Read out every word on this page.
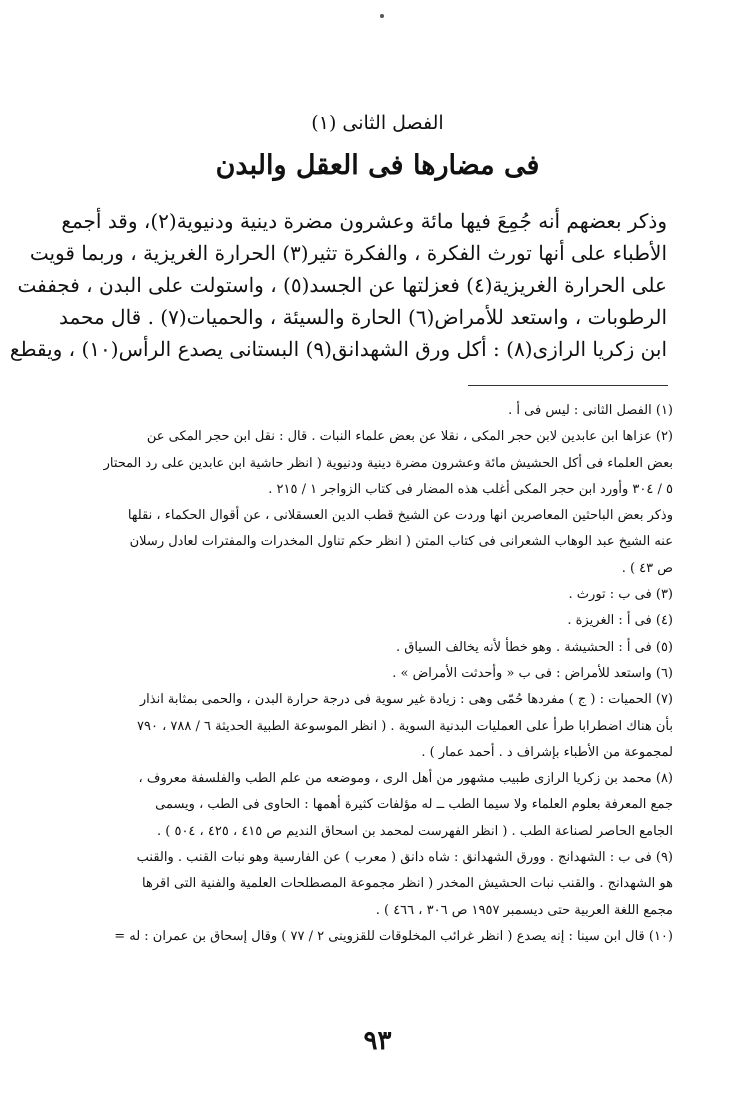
الفصل الثانى (١)
فى مضارها فى العقل والبدن
وذكر بعضهم أنه جُمِعَ فيها مائة وعشرون مضرة دينية ودنيوية(٢)، وقد أجمع
الأطباء على أنها تورث الفكرة ، والفكرة تثير(٣) الحرارة الغريزية ، وربما قويت
على الحرارة الغريزية(٤) فعزلتها عن الجسد(٥) ، واستولت على البدن ، فجففت
الرطوبات ، واستعد للأمراض(٦) الحارة والسيئة ، والحميات(٧) . قال محمد
ابن زكريا الرازى(٨) : أكل ورق الشهدانق(٩) البستانى يصدع الرأس(١٠) ، ويقطع
(١) الفصل الثانى : ليس فى أ .
(٢) عزاها ابن عابدين لابن حجر المكى ، نقلا عن بعض علماء النبات . قال : نقل ابن حجر المكى عن
بعض العلماء فى أكل الحشيش مائة وعشرون مضرة دينية ودنيوية ( انظر حاشية ابن عابدين على رد المحتار
٥ / ٣٠٤ وأورد ابن حجر المكى أغلب هذه المضار فى كتاب الزواجر ١ / ٢١٥ .
وذكر بعض الباحثين المعاصرين انها وردت عن الشيخ قطب الدين العسقلانى ، عن أقوال الحكماء ، نقلها
عنه الشيخ عبد الوهاب الشعرانى فى كتاب المتن ( انظر حكم تناول المخدرات والمفترات لعادل رسلان
ص ٤٣ ) .
(٣) فى ب : تورث .
(٤) فى أ : الغريزة .
(٥) فى أ : الحشيشة . وهو خطأ لأنه يخالف السياق .
(٦) واستعد للأمراض : فى ب « وأحدثت الأمراض » .
(٧) الحميات : ( ج ) مفردها حُمّى وهى : زيادة غير سوية فى درجة حرارة البدن ، والحمى بمثابة انذار
بأن هناك اضطرابا طرأ على العمليات البدنية السوية . ( انظر الموسوعة الطبية الحديثة ٦ / ٧٨٨ ، ٧٩٠
لمجموعة من الأطباء بإشراف د . أحمد عمار ) .
(٨) محمد بن زكريا الرازى طبيب مشهور من أهل الرى ، وموضعه من علم الطب والفلسفة معروف ،
جمع المعرفة بعلوم العلماء ولا سيما الطب ــ له مؤلفات كثيرة أهمها : الحاوى فى الطب ، ويسمى
الجامع الحاصر لصناعة الطب . ( انظر الفهرست لمحمد بن اسحاق النديم ص ٤١٥ ، ٤٢٥ ، ٥٠٤ ) .
(٩) فى ب : الشهدانج . وورق الشهدانق : شاه دانق ( معرب ) عن الفارسية وهو نبات القنب . والقنب
هو الشهدانج . والقنب نبات الحشيش المخدر ( انظر مجموعة المصطلحات العلمية والفنية التى اقرها
مجمع اللغة العربية حتى ديسمبر ١٩٥٧ ص ٣٠٦ ، ٤٦٦ ) .
(١٠) قال ابن سينا : إنه يصدع ( انظر غرائب المخلوقات للقزوينى ٢ / ٧٧ ) وقال إسحاق بن عمران : له =
٩٣
